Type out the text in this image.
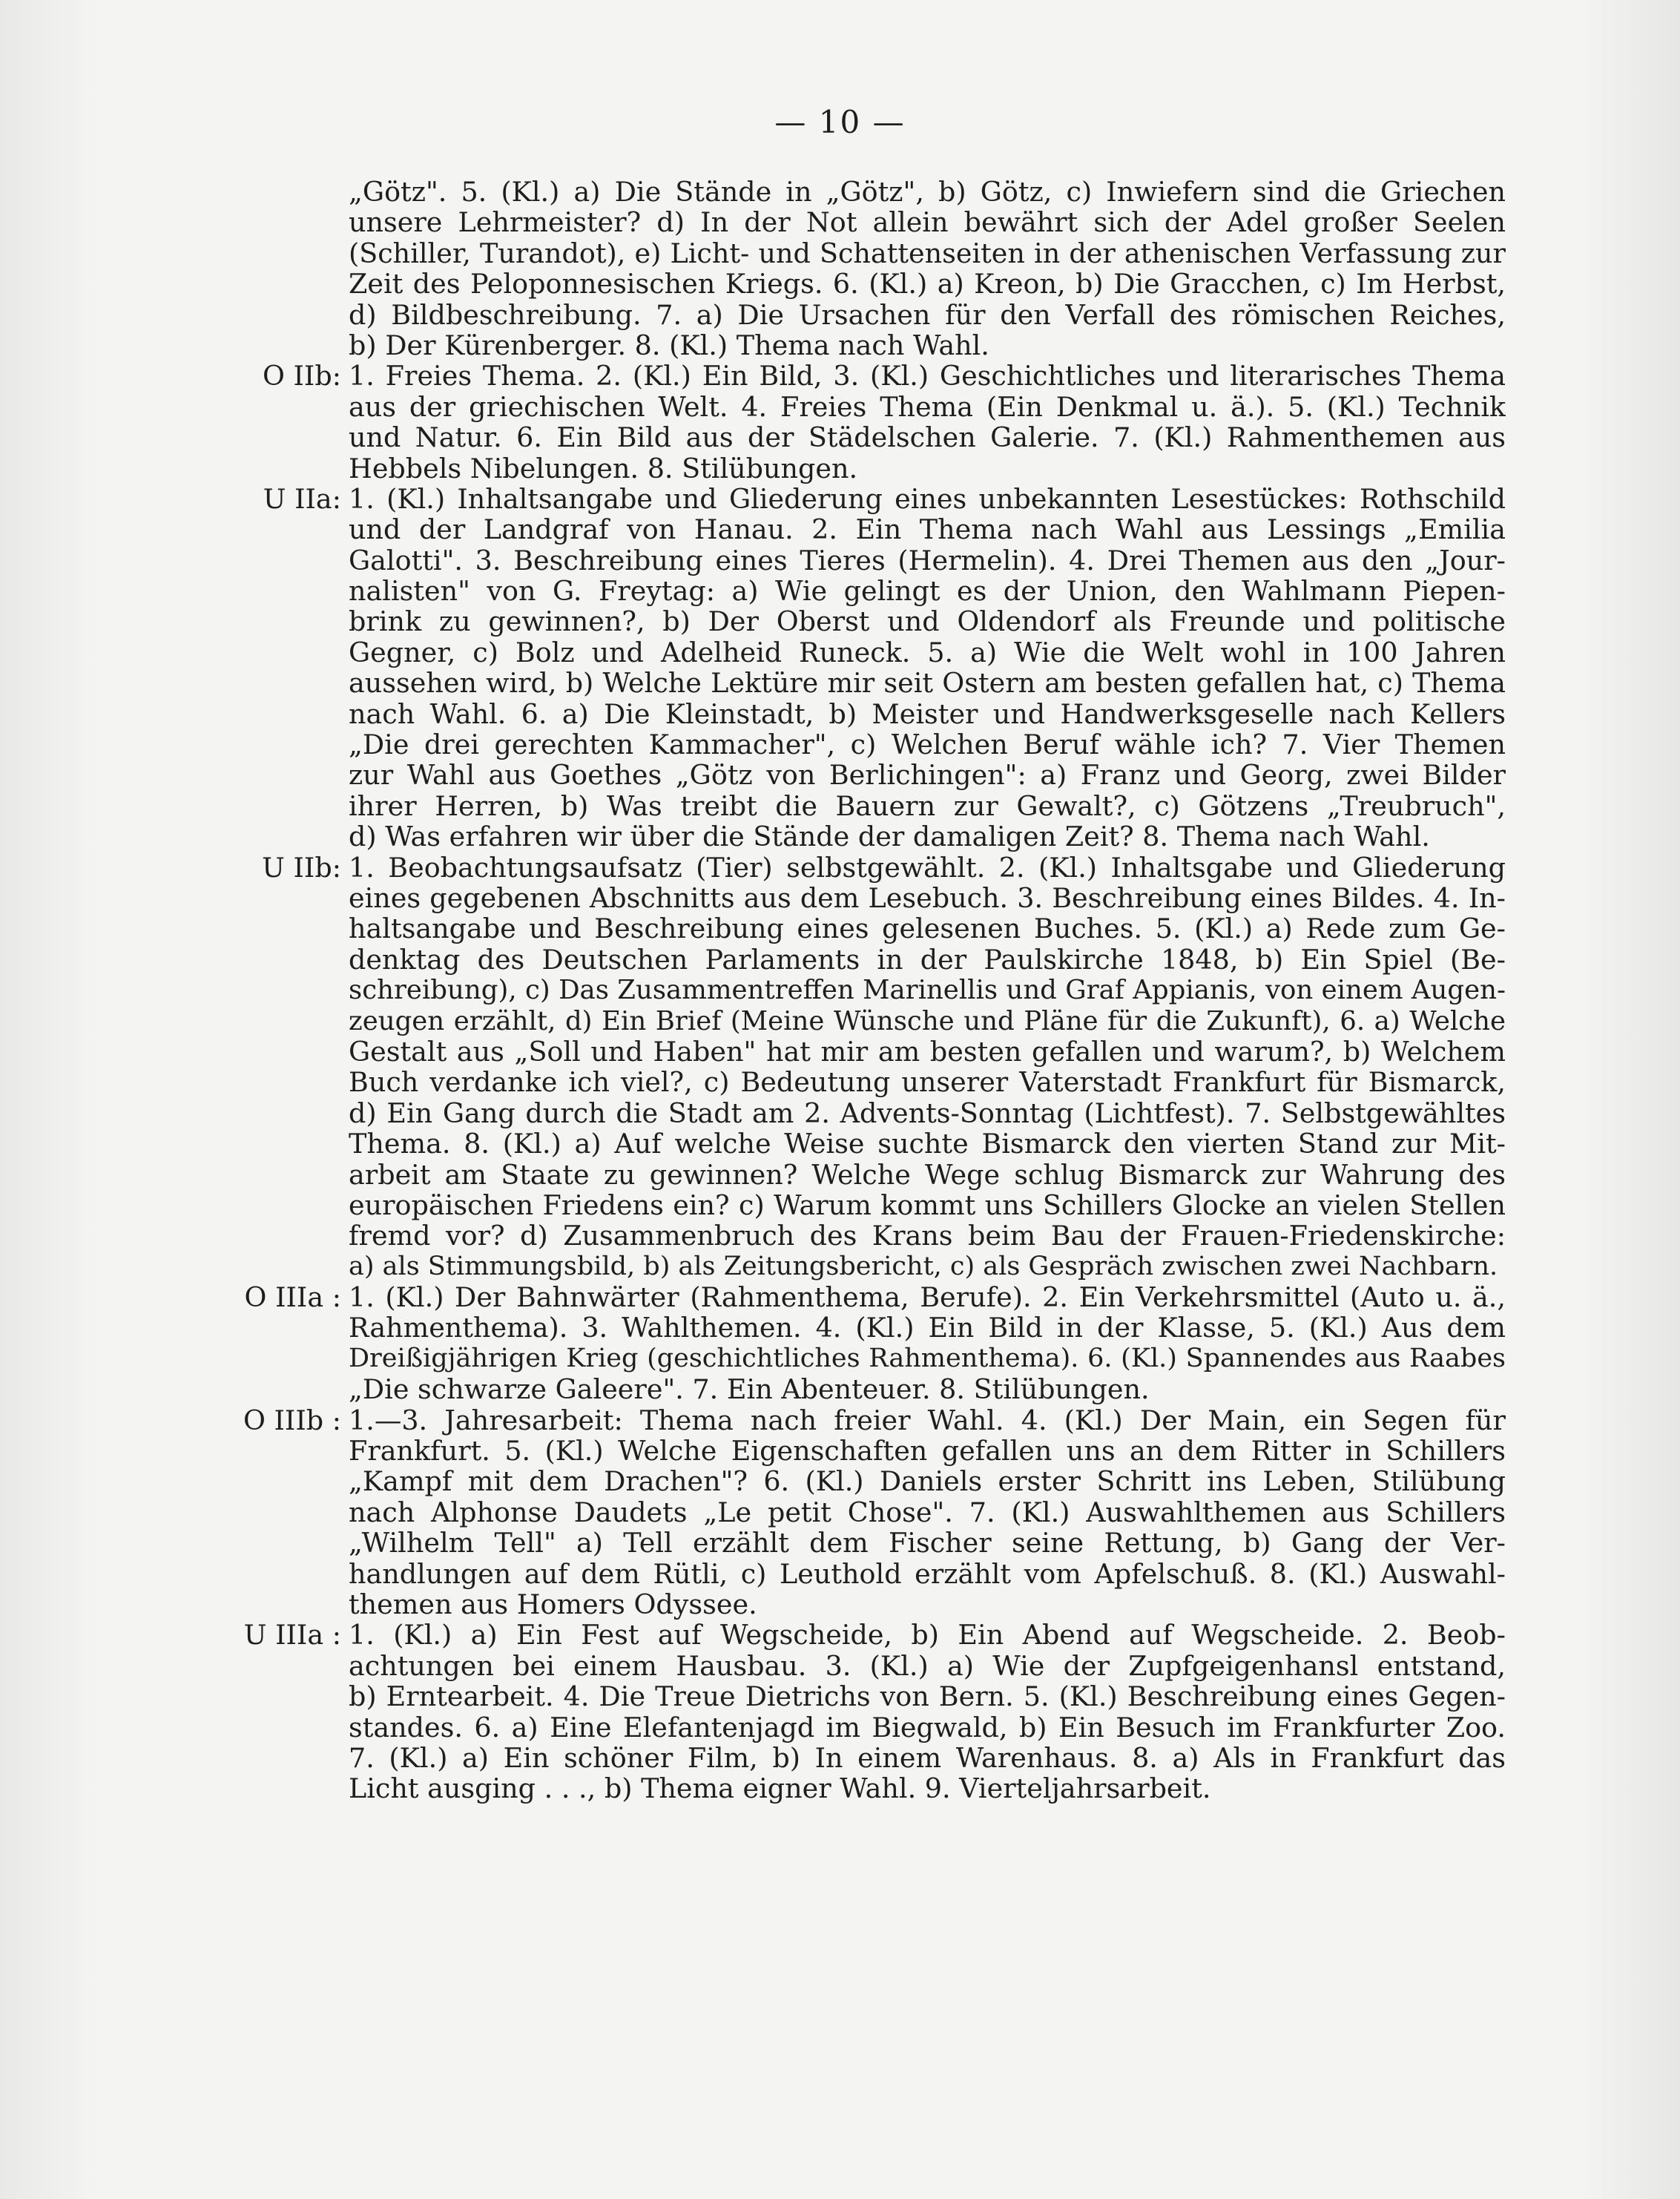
— 10 —
„Götz". 5. (Kl.) a) Die Stände in „Götz", b) Götz, c) Inwiefern sind die Griechen
unsere Lehrmeister? d) In der Not allein bewährt sich der Adel großer Seelen
(Schiller, Turandot), e) Licht- und Schattenseiten in der athenischen Verfassung zur
Zeit des Peloponnesischen Kriegs. 6. (Kl.) a) Kreon, b) Die Gracchen, c) Im Herbst,
d) Bildbeschreibung. 7. a) Die Ursachen für den Verfall des römischen Reiches,
b) Der Kürenberger. 8. (Kl.) Thema nach Wahl.
O IIb: 1. Freies Thema. 2. (Kl.) Ein Bild, 3. (Kl.) Geschichtliches und literarisches Thema
aus der griechischen Welt. 4. Freies Thema (Ein Denkmal u. ä.). 5. (Kl.) Technik
und Natur. 6. Ein Bild aus der Städelschen Galerie. 7. (Kl.) Rahmenthemen aus
Hebbels Nibelungen. 8. Stilübungen.
U IIa: 1. (Kl.) Inhaltsangabe und Gliederung eines unbekannten Lesestückes: Rothschild
und der Landgraf von Hanau. 2. Ein Thema nach Wahl aus Lessings „Emilia
Galotti". 3. Beschreibung eines Tieres (Hermelin). 4. Drei Themen aus den „Jour-
nalisten" von G. Freytag: a) Wie gelingt es der Union, den Wahlmann Piepen-
brink zu gewinnen?, b) Der Oberst und Oldendorf als Freunde und politische
Gegner, c) Bolz und Adelheid Runeck. 5. a) Wie die Welt wohl in 100 Jahren
aussehen wird, b) Welche Lektüre mir seit Ostern am besten gefallen hat, c) Thema
nach Wahl. 6. a) Die Kleinstadt, b) Meister und Handwerksgeselle nach Kellers
„Die drei gerechten Kammacher", c) Welchen Beruf wähle ich? 7. Vier Themen
zur Wahl aus Goethes „Götz von Berlichingen": a) Franz und Georg, zwei Bilder
ihrer Herren, b) Was treibt die Bauern zur Gewalt?, c) Götzens „Treubruch",
d) Was erfahren wir über die Stände der damaligen Zeit? 8. Thema nach Wahl.
U IIb: 1. Beobachtungsaufsatz (Tier) selbstgewählt. 2. (Kl.) Inhaltsgabe und Gliederung
eines gegebenen Abschnitts aus dem Lesebuch. 3. Beschreibung eines Bildes. 4. In-
haltsangabe und Beschreibung eines gelesenen Buches. 5. (Kl.) a) Rede zum Ge-
denktag des Deutschen Parlaments in der Paulskirche 1848, b) Ein Spiel (Be-
schreibung), c) Das Zusammentreffen Marinellis und Graf Appianis, von einem Augen-
zeugen erzählt, d) Ein Brief (Meine Wünsche und Pläne für die Zukunft), 6. a) Welche
Gestalt aus „Soll und Haben" hat mir am besten gefallen und warum?, b) Welchem
Buch verdanke ich viel?, c) Bedeutung unserer Vaterstadt Frankfurt für Bismarck,
d) Ein Gang durch die Stadt am 2. Advents-Sonntag (Lichtfest). 7. Selbstgewähltes
Thema. 8. (Kl.) a) Auf welche Weise suchte Bismarck den vierten Stand zur Mit-
arbeit am Staate zu gewinnen? Welche Wege schlug Bismarck zur Wahrung des
europäischen Friedens ein? c) Warum kommt uns Schillers Glocke an vielen Stellen
fremd vor? d) Zusammenbruch des Krans beim Bau der Frauen-Friedenskirche:
a) als Stimmungsbild, b) als Zeitungsbericht, c) als Gespräch zwischen zwei Nachbarn.
O IIIa : 1. (Kl.) Der Bahnwärter (Rahmenthema, Berufe). 2. Ein Verkehrsmittel (Auto u. ä.,
Rahmenthema). 3. Wahlthemen. 4. (Kl.) Ein Bild in der Klasse, 5. (Kl.) Aus dem
Dreißigjährigen Krieg (geschichtliches Rahmenthema). 6. (Kl.) Spannendes aus Raabes
„Die schwarze Galeere". 7. Ein Abenteuer. 8. Stilübungen.
O IIIb : 1.—3. Jahresarbeit: Thema nach freier Wahl. 4. (Kl.) Der Main, ein Segen für
Frankfurt. 5. (Kl.) Welche Eigenschaften gefallen uns an dem Ritter in Schillers
„Kampf mit dem Drachen"? 6. (Kl.) Daniels erster Schritt ins Leben, Stilübung
nach Alphonse Daudets „Le petit Chose". 7. (Kl.) Auswahlthemen aus Schillers
„Wilhelm Tell" a) Tell erzählt dem Fischer seine Rettung, b) Gang der Ver-
handlungen auf dem Rütli, c) Leuthold erzählt vom Apfelschuß. 8. (Kl.) Auswahl-
themen aus Homers Odyssee.
U IIIa : 1. (Kl.) a) Ein Fest auf Wegscheide, b) Ein Abend auf Wegscheide. 2. Beob-
achtungen bei einem Hausbau. 3. (Kl.) a) Wie der Zupfgeigenhansl entstand,
b) Erntearbeit. 4. Die Treue Dietrichs von Bern. 5. (Kl.) Beschreibung eines Gegen-
standes. 6. a) Eine Elefantenjagd im Biegwald, b) Ein Besuch im Frankfurter Zoo.
7. (Kl.) a) Ein schöner Film, b) In einem Warenhaus. 8. a) Als in Frankfurt das
Licht ausging . . ., b) Thema eigner Wahl. 9. Vierteljahrsarbeit.
